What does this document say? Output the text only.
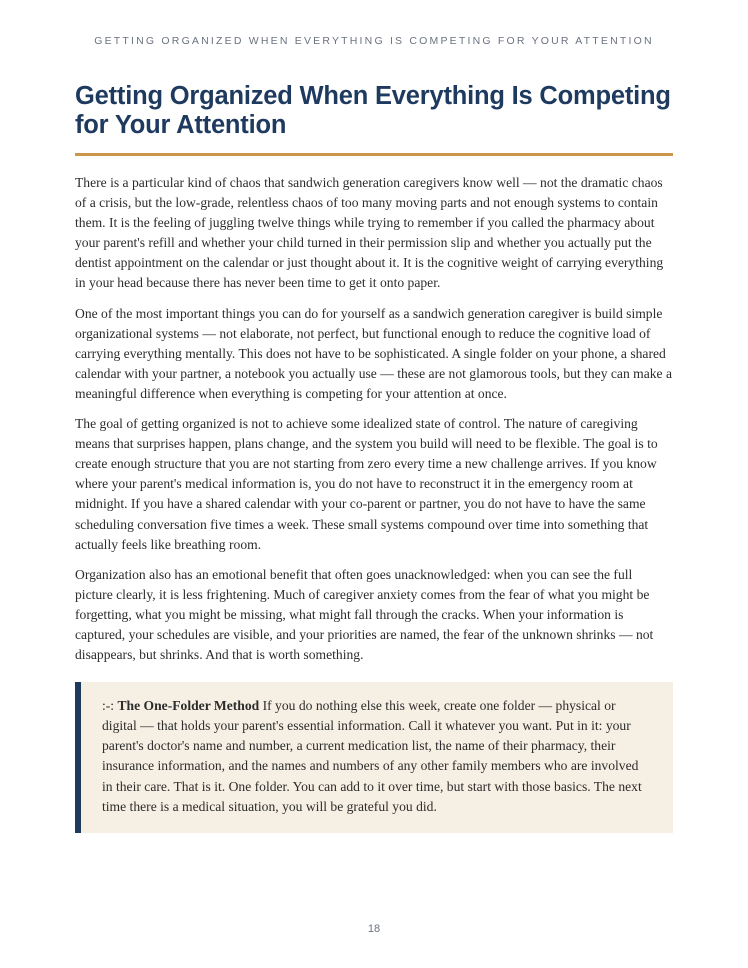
GETTING ORGANIZED WHEN EVERYTHING IS COMPETING FOR YOUR ATTENTION
Getting Organized When Everything Is Competing for Your Attention

There is a particular kind of chaos that sandwich generation caregivers know well — not the dramatic chaos of a crisis, but the low-grade, relentless chaos of too many moving parts and not enough systems to contain them. It is the feeling of juggling twelve things while trying to remember if you called the pharmacy about your parent's refill and whether your child turned in their permission slip and whether you actually put the dentist appointment on the calendar or just thought about it. It is the cognitive weight of carrying everything in your head because there has never been time to get it onto paper.

One of the most important things you can do for yourself as a sandwich generation caregiver is build simple organizational systems — not elaborate, not perfect, but functional enough to reduce the cognitive load of carrying everything mentally. This does not have to be sophisticated. A single folder on your phone, a shared calendar with your partner, a notebook you actually use — these are not glamorous tools, but they can make a meaningful difference when everything is competing for your attention at once.

The goal of getting organized is not to achieve some idealized state of control. The nature of caregiving means that surprises happen, plans change, and the system you build will need to be flexible. The goal is to create enough structure that you are not starting from zero every time a new challenge arrives. If you know where your parent's medical information is, you do not have to reconstruct it in the emergency room at midnight. If you have a shared calendar with your co-parent or partner, you do not have to have the same scheduling conversation five times a week. These small systems compound over time into something that actually feels like breathing room.

Organization also has an emotional benefit that often goes unacknowledged: when you can see the full picture clearly, it is less frightening. Much of caregiver anxiety comes from the fear of what you might be forgetting, what you might be missing, what might fall through the cracks. When your information is captured, your schedules are visible, and your priorities are named, the fear of the unknown shrinks — not disappears, but shrinks. And that is worth something.

:-: The One-Folder Method If you do nothing else this week, create one folder — physical or digital — that holds your parent's essential information. Call it whatever you want. Put in it: your parent's doctor's name and number, a current medication list, the name of their pharmacy, their insurance information, and the names and numbers of any other family members who are involved in their care. That is it. One folder. You can add to it over time, but start with those basics. The next time there is a medical situation, you will be grateful you did.

18
